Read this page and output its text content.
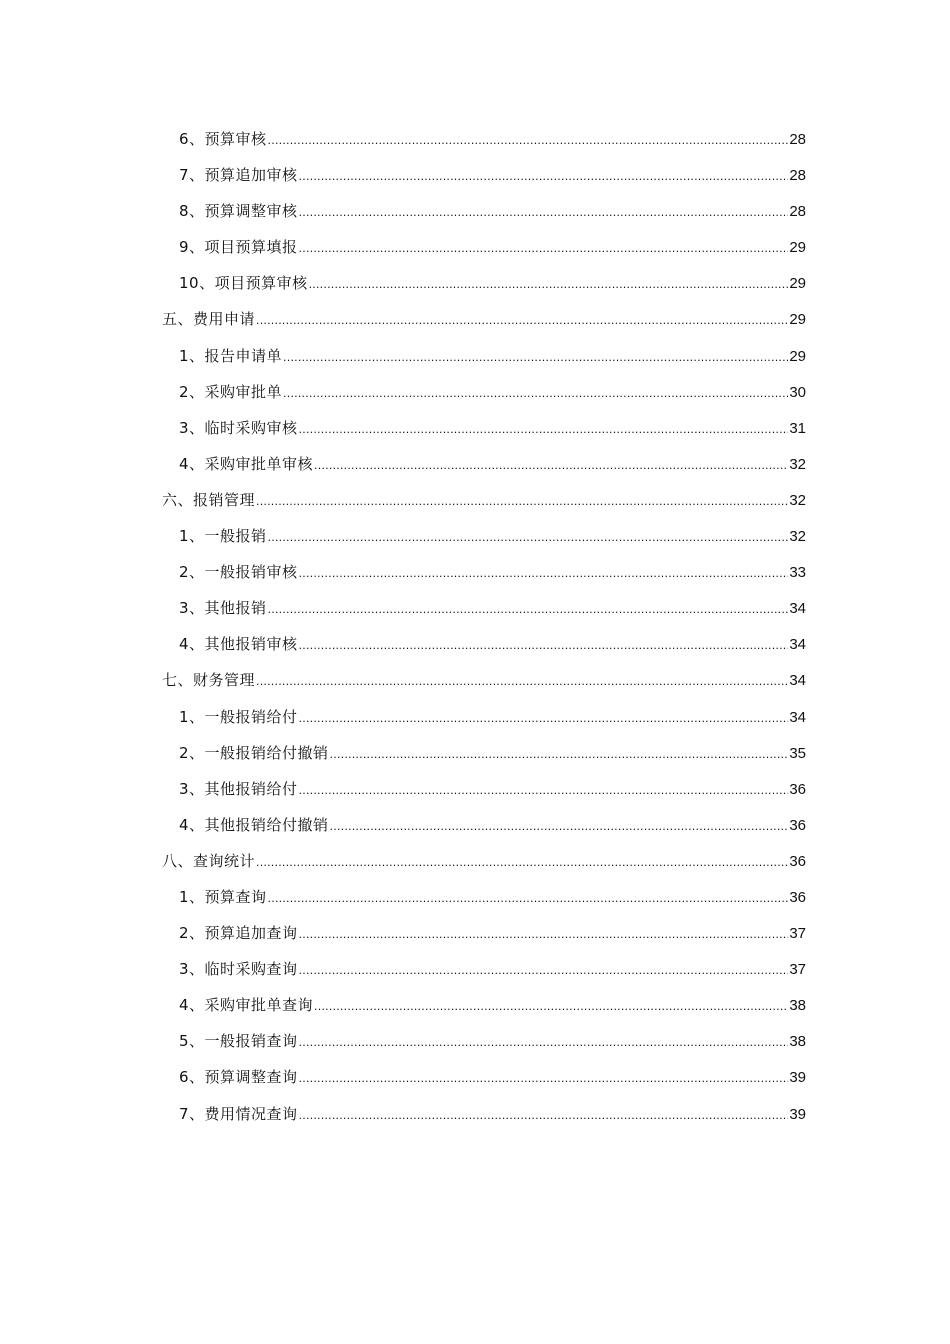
6、预算审核 .....	28
7、预算追加审核 .....	28
8、预算调整审核 .....	28
9、项目预算填报 .....	29
10、项目预算审核 .....	29
五、费用申请 .....	29
1、报告申请单 .....	29
2、采购审批单 .....	30
3、临时采购审核 .....	31
4、采购审批单审核 .....	32
六、报销管理 .....	32
1、一般报销 .....	32
2、一般报销审核 .....	33
3、其他报销 .....	34
4、其他报销审核 .....	34
七、财务管理 .....	34
1、一般报销给付 .....	34
2、一般报销给付撤销 .....	35
3、其他报销给付 .....	36
4、其他报销给付撤销 .....	36
八、查询统计 .....	36
1、预算查询 .....	36
2、预算追加查询 .....	37
3、临时采购查询 .....	37
4、采购审批单查询 .....	38
5、一般报销查询 .....	38
6、预算调整查询 .....	39
7、费用情况查询 .....	39
